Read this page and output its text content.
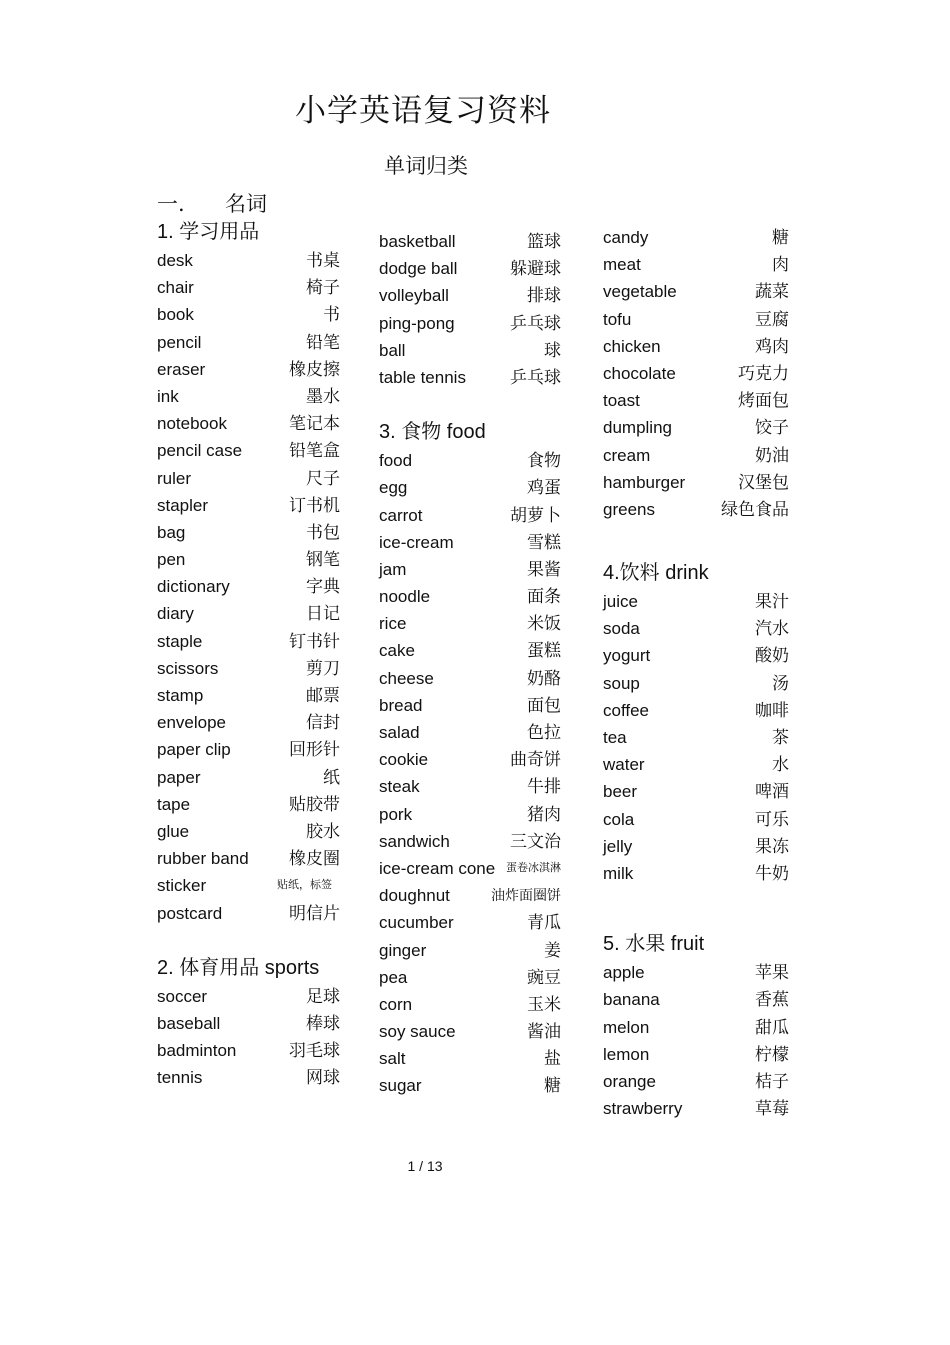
小学英语复习资料
单词归类
一. 名词
1. 学习用品
desk	书桌
chair	椅子
book	书
pencil	铅笔
eraser	橡皮擦
ink	墨水
notebook	笔记本
pencil case	铅笔盒
ruler	尺子
stapler	订书机
bag	书包
pen	钢笔
dictionary	字典
diary	日记
staple	钉书针
scissors	剪刀
stamp	邮票
envelope	信封
paper clip	回形针
paper	纸
tape	贴胶带
glue	胶水
rubber band 橡皮圈
sticker	贴纸，标签
postcard	明信片
2. 体育用品 sports
soccer	足球
baseball	棒球
badminton	羽毛球
tennis	网球
basketball	篮球
dodge ball	躲避球
volleyball	排球
ping-pong	乒乓球
ball	球
table tennis	乒乓球
3. 食物 food
food	食物
egg	鸡蛋
carrot	胡萝卜
ice-cream	雪糕
jam	果酱
noodle	面条
rice	米饭
cake	蛋糕
cheese	奶酪
bread	面包
salad	色拉
cookie	曲奇饼
steak	牛排
pork	猪肉
sandwich	三文治
ice-cream cone 蛋卷冰淇淋
doughnut	油炸面圈饼
cucumber	青瓜
ginger	姜
pea	豌豆
corn	玉米
soy sauce	酱油
salt	盐
sugar	糖
candy	糖
meat	肉
vegetable	蔬菜
tofu	豆腐
chicken	鸡肉
chocolate	巧克力
toast	烤面包
dumpling	饺子
cream	奶油
hamburger	汉堡包
greens	绿色食品
4.饮料 drink
juice	果汁
soda	汽水
yogurt	酸奶
soup	汤
coffee	咖啡
tea	茶
water	水
beer	啤酒
cola	可乐
jelly	果冻
milk	牛奶
5. 水果 fruit
apple	苹果
banana	香蕉
melon	甜瓜
lemon	柠檬
orange	桔子
strawberry	草莓
1 / 13
